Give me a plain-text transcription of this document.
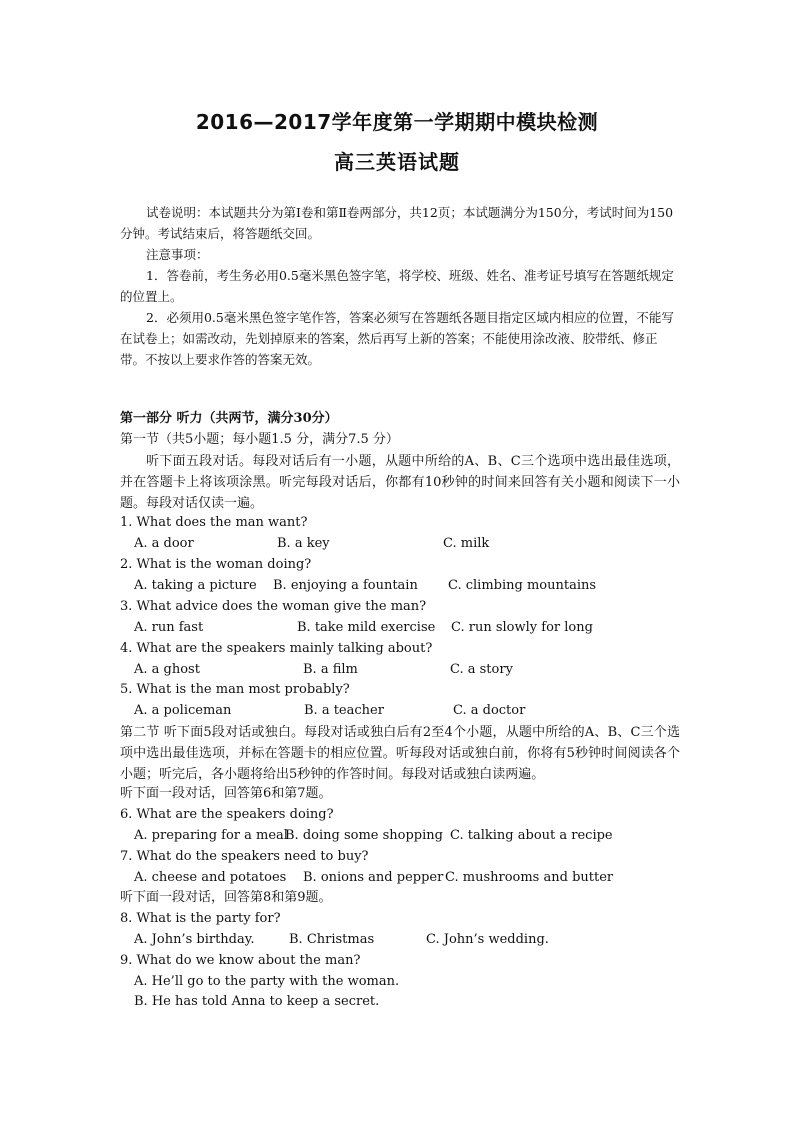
2016—2017学年度第一学期期中模块检测
高三英语试题
试卷说明：本试题共分为第Ⅰ卷和第Ⅱ卷两部分，共12页；本试题满分为150分，考试时间为150分钟。考试结束后，将答题纸交回。
注意事项：
1．答卷前，考生务必用0.5毫米黑色签字笔，将学校、班级、姓名、准考证号填写在答题纸规定的位置上。
2．必须用0.5毫米黑色签字笔作答，答案必须写在答题纸各题目指定区域内相应的位置，不能写在试卷上；如需改动，先划掉原来的答案，然后再写上新的答案；不能使用涂改液、胶带纸、修正带。不按以上要求作答的答案无效。
第一部分 听力（共两节，满分30分）
第一节（共5小题；每小题1.5 分，满分7.5 分）
听下面五段对话。每段对话后有一小题，从题中所给的A、B、C三个选项中选出最佳选项，并在答题卡上将该项涂黑。听完每段对话后，你都有10秒钟的时间来回答有关小题和阅读下一小题。每段对话仅读一遍。
1. What does the man want?
A. a door	B. a key	C. milk
2. What is the woman doing?
A. taking a picture B. enjoying a fountain C. climbing mountains
3. What advice does the woman give the man?
A. run fast	B. take mild exercise C. run slowly for long
4. What are the speakers mainly talking about?
A. a ghost	B. a film	C. a story
5. What is the man most probably?
A. a policeman	B. a teacher	C. a doctor
第二节 听下面5段对话或独白。每段对话或独白后有2至4个小题，从题中所给的A、B、C三个选项中选出最佳选项，并标在答题卡的相应位置。听每段对话或独白前，你将有5秒钟时间阅读各个小题；听完后，各小题将给出5秒钟的作答时间。每段对话或独白读两遍。
听下面一段对话，回答第6和第7题。
6. What are the speakers doing?
A. preparing for a meal
B. doing some shopping C. talking about a recipe
7. What do the speakers need to buy?
A. cheese and potatoes B. onions and pepper C. mushrooms and butter
听下面一段对话，回答第8和第9题。
8. What is the party for?
A. John’s birthday.	B. Christmas	C. John’s wedding.
9. What do we know about the man?
A. He’ll go to the party with the woman.
B. He has told Anna to keep a secret.
